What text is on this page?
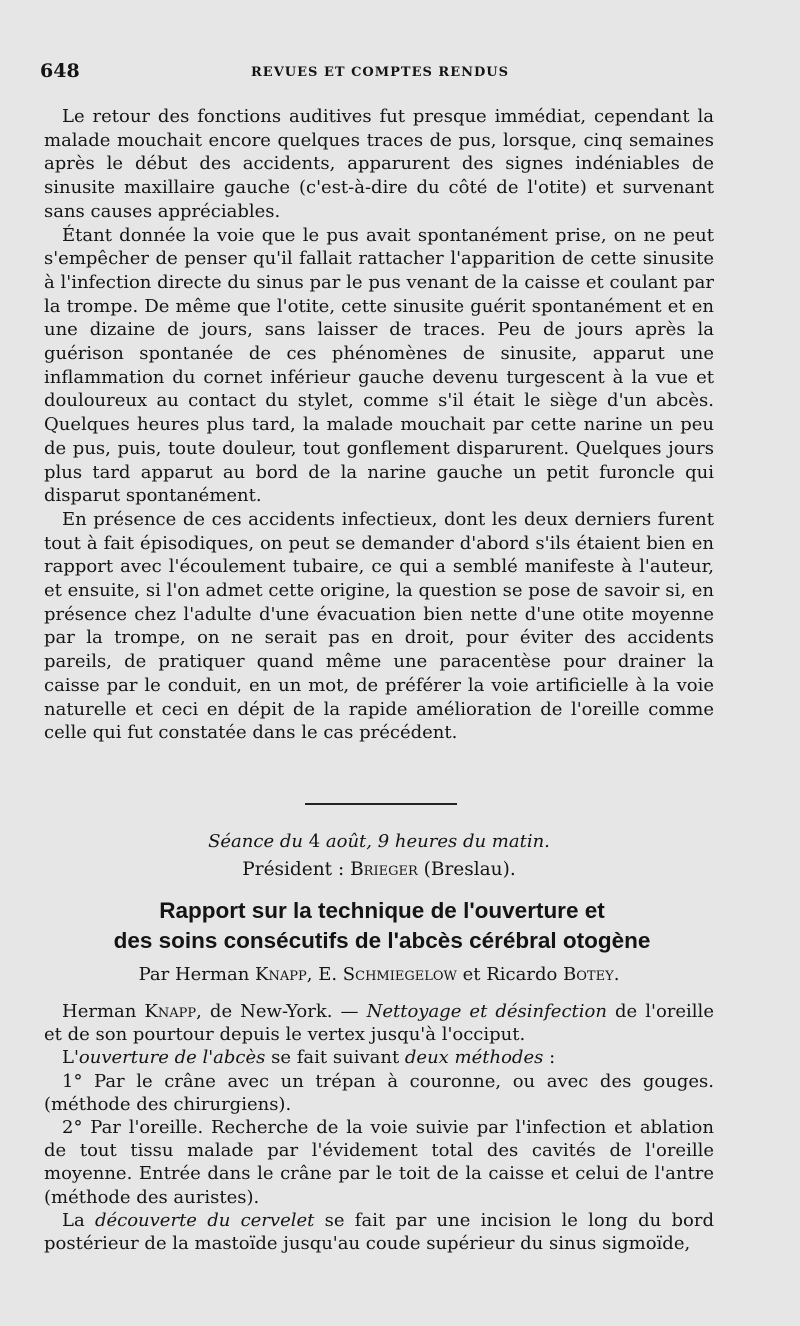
648	REVUES ET COMPTES RENDUS

Le retour des fonctions auditives fut presque immédiat, cependant la malade mouchait encore quelques traces de pus, lorsque, cinq semaines après le début des accidents, apparurent des signes indéniables de sinusite maxillaire gauche (c'est-à-dire du côté de l'otite) et survenant sans causes appréciables.

Étant donnée la voie que le pus avait spontanément prise, on ne peut s'empêcher de penser qu'il fallait rattacher l'apparition de cette sinusite à l'infection directe du sinus par le pus venant de la caisse et coulant par la trompe. De même que l'otite, cette sinusite guérit spontanément et en une dizaine de jours, sans laisser de traces. Peu de jours après la guérison spontanée de ces phénomènes de sinusite, apparut une inflammation du cornet inférieur gauche devenu turgescent à la vue et douloureux au contact du stylet, comme s'il était le siège d'un abcès. Quelques heures plus tard, la malade mouchait par cette narine un peu de pus, puis, toute douleur, tout gonflement disparurent. Quelques jours plus tard apparut au bord de la narine gauche un petit furoncle qui disparut spontanément.

En présence de ces accidents infectieux, dont les deux derniers furent tout à fait épisodiques, on peut se demander d'abord s'ils étaient bien en rapport avec l'écoulement tubaire, ce qui a semblé manifeste à l'auteur, et ensuite, si l'on admet cette origine, la question se pose de savoir si, en présence chez l'adulte d'une évacuation bien nette d'une otite moyenne par la trompe, on ne serait pas en droit, pour éviter des accidents pareils, de pratiquer quand même une paracentèse pour drainer la caisse par le conduit, en un mot, de préférer la voie artificielle à la voie naturelle et ceci en dépit de la rapide amélioration de l'oreille comme celle qui fut constatée dans le cas précédent.

Séance du 4 août, 9 heures du matin.
Président : Brieger (Breslau).
Rapport sur la technique de l'ouverture et
des soins consécutifs de l'abcès cérébral otogène
Par Herman Knapp, E. Schmiegelow et Ricardo Botey.

Herman Knapp, de New-York. — Nettoyage et désinfection de l'oreille et de son pourtour depuis le vertex jusqu'à l'occiput.

L'ouverture de l'abcès se fait suivant deux méthodes :

1° Par le crâne avec un trépan à couronne, ou avec des gouges. (méthode des chirurgiens).

2° Par l'oreille. Recherche de la voie suivie par l'infection et ablation de tout tissu malade par l'évidement total des cavités de l'oreille moyenne. Entrée dans le crâne par le toit de la caisse et celui de l'antre (méthode des auristes).

La découverte du cervelet se fait par une incision le long du bord postérieur de la mastoïde jusqu'au coude supérieur du sinus sigmoïde,
